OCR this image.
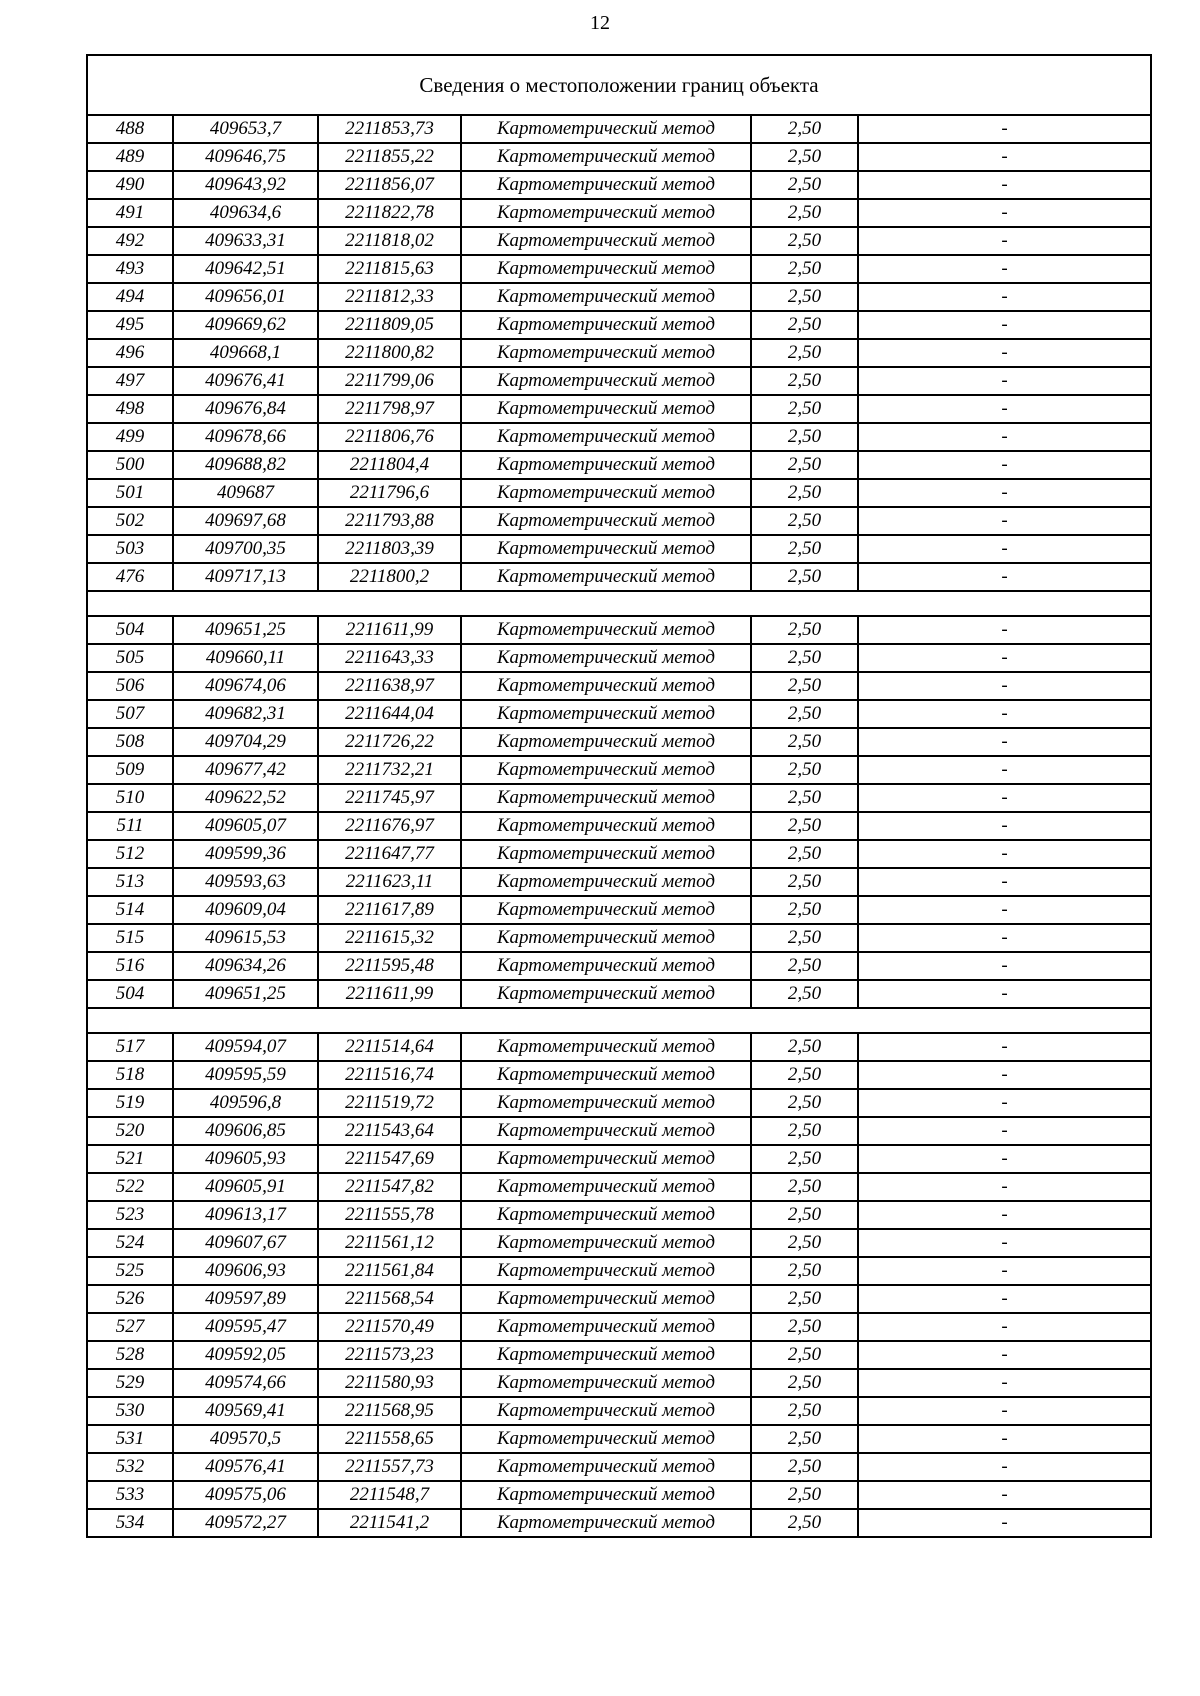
12
Сведения о местоположении границ объекта					
488	409653,7	2211853,73	Картометрический метод	2,50	-
489	409646,75	2211855,22	Картометрический метод	2,50	-
490	409643,92	2211856,07	Картометрический метод	2,50	-
491	409634,6	2211822,78	Картометрический метод	2,50	-
492	409633,31	2211818,02	Картометрический метод	2,50	-
493	409642,51	2211815,63	Картометрический метод	2,50	-
494	409656,01	2211812,33	Картометрический метод	2,50	-
495	409669,62	2211809,05	Картометрический метод	2,50	-
496	409668,1	2211800,82	Картометрический метод	2,50	-
497	409676,41	2211799,06	Картометрический метод	2,50	-
498	409676,84	2211798,97	Картометрический метод	2,50	-
499	409678,66	2211806,76	Картометрический метод	2,50	-
500	409688,82	2211804,4	Картометрический метод	2,50	-
501	409687	2211796,6	Картометрический метод	2,50	-
502	409697,68	2211793,88	Картометрический метод	2,50	-
503	409700,35	2211803,39	Картометрический метод	2,50	-
476	409717,13	2211800,2	Картометрический метод	2,50	-

504	409651,25	2211611,99	Картометрический метод	2,50	-
505	409660,11	2211643,33	Картометрический метод	2,50	-
506	409674,06	2211638,97	Картометрический метод	2,50	-
507	409682,31	2211644,04	Картометрический метод	2,50	-
508	409704,29	2211726,22	Картометрический метод	2,50	-
509	409677,42	2211732,21	Картометрический метод	2,50	-
510	409622,52	2211745,97	Картометрический метод	2,50	-
511	409605,07	2211676,97	Картометрический метод	2,50	-
512	409599,36	2211647,77	Картометрический метод	2,50	-
513	409593,63	2211623,11	Картометрический метод	2,50	-
514	409609,04	2211617,89	Картометрический метод	2,50	-
515	409615,53	2211615,32	Картометрический метод	2,50	-
516	409634,26	2211595,48	Картометрический метод	2,50	-
504	409651,25	2211611,99	Картометрический метод	2,50	-

517	409594,07	2211514,64	Картометрический метод	2,50	-
518	409595,59	2211516,74	Картометрический метод	2,50	-
519	409596,8	2211519,72	Картометрический метод	2,50	-
520	409606,85	2211543,64	Картометрический метод	2,50	-
521	409605,93	2211547,69	Картометрический метод	2,50	-
522	409605,91	2211547,82	Картометрический метод	2,50	-
523	409613,17	2211555,78	Картометрический метод	2,50	-
524	409607,67	2211561,12	Картометрический метод	2,50	-
525	409606,93	2211561,84	Картометрический метод	2,50	-
526	409597,89	2211568,54	Картометрический метод	2,50	-
527	409595,47	2211570,49	Картометрический метод	2,50	-
528	409592,05	2211573,23	Картометрический метод	2,50	-
529	409574,66	2211580,93	Картометрический метод	2,50	-
530	409569,41	2211568,95	Картометрический метод	2,50	-
531	409570,5	2211558,65	Картометрический метод	2,50	-
532	409576,41	2211557,73	Картометрический метод	2,50	-
533	409575,06	2211548,7	Картометрический метод	2,50	-
534	409572,27	2211541,2	Картометрический метод	2,50	-
